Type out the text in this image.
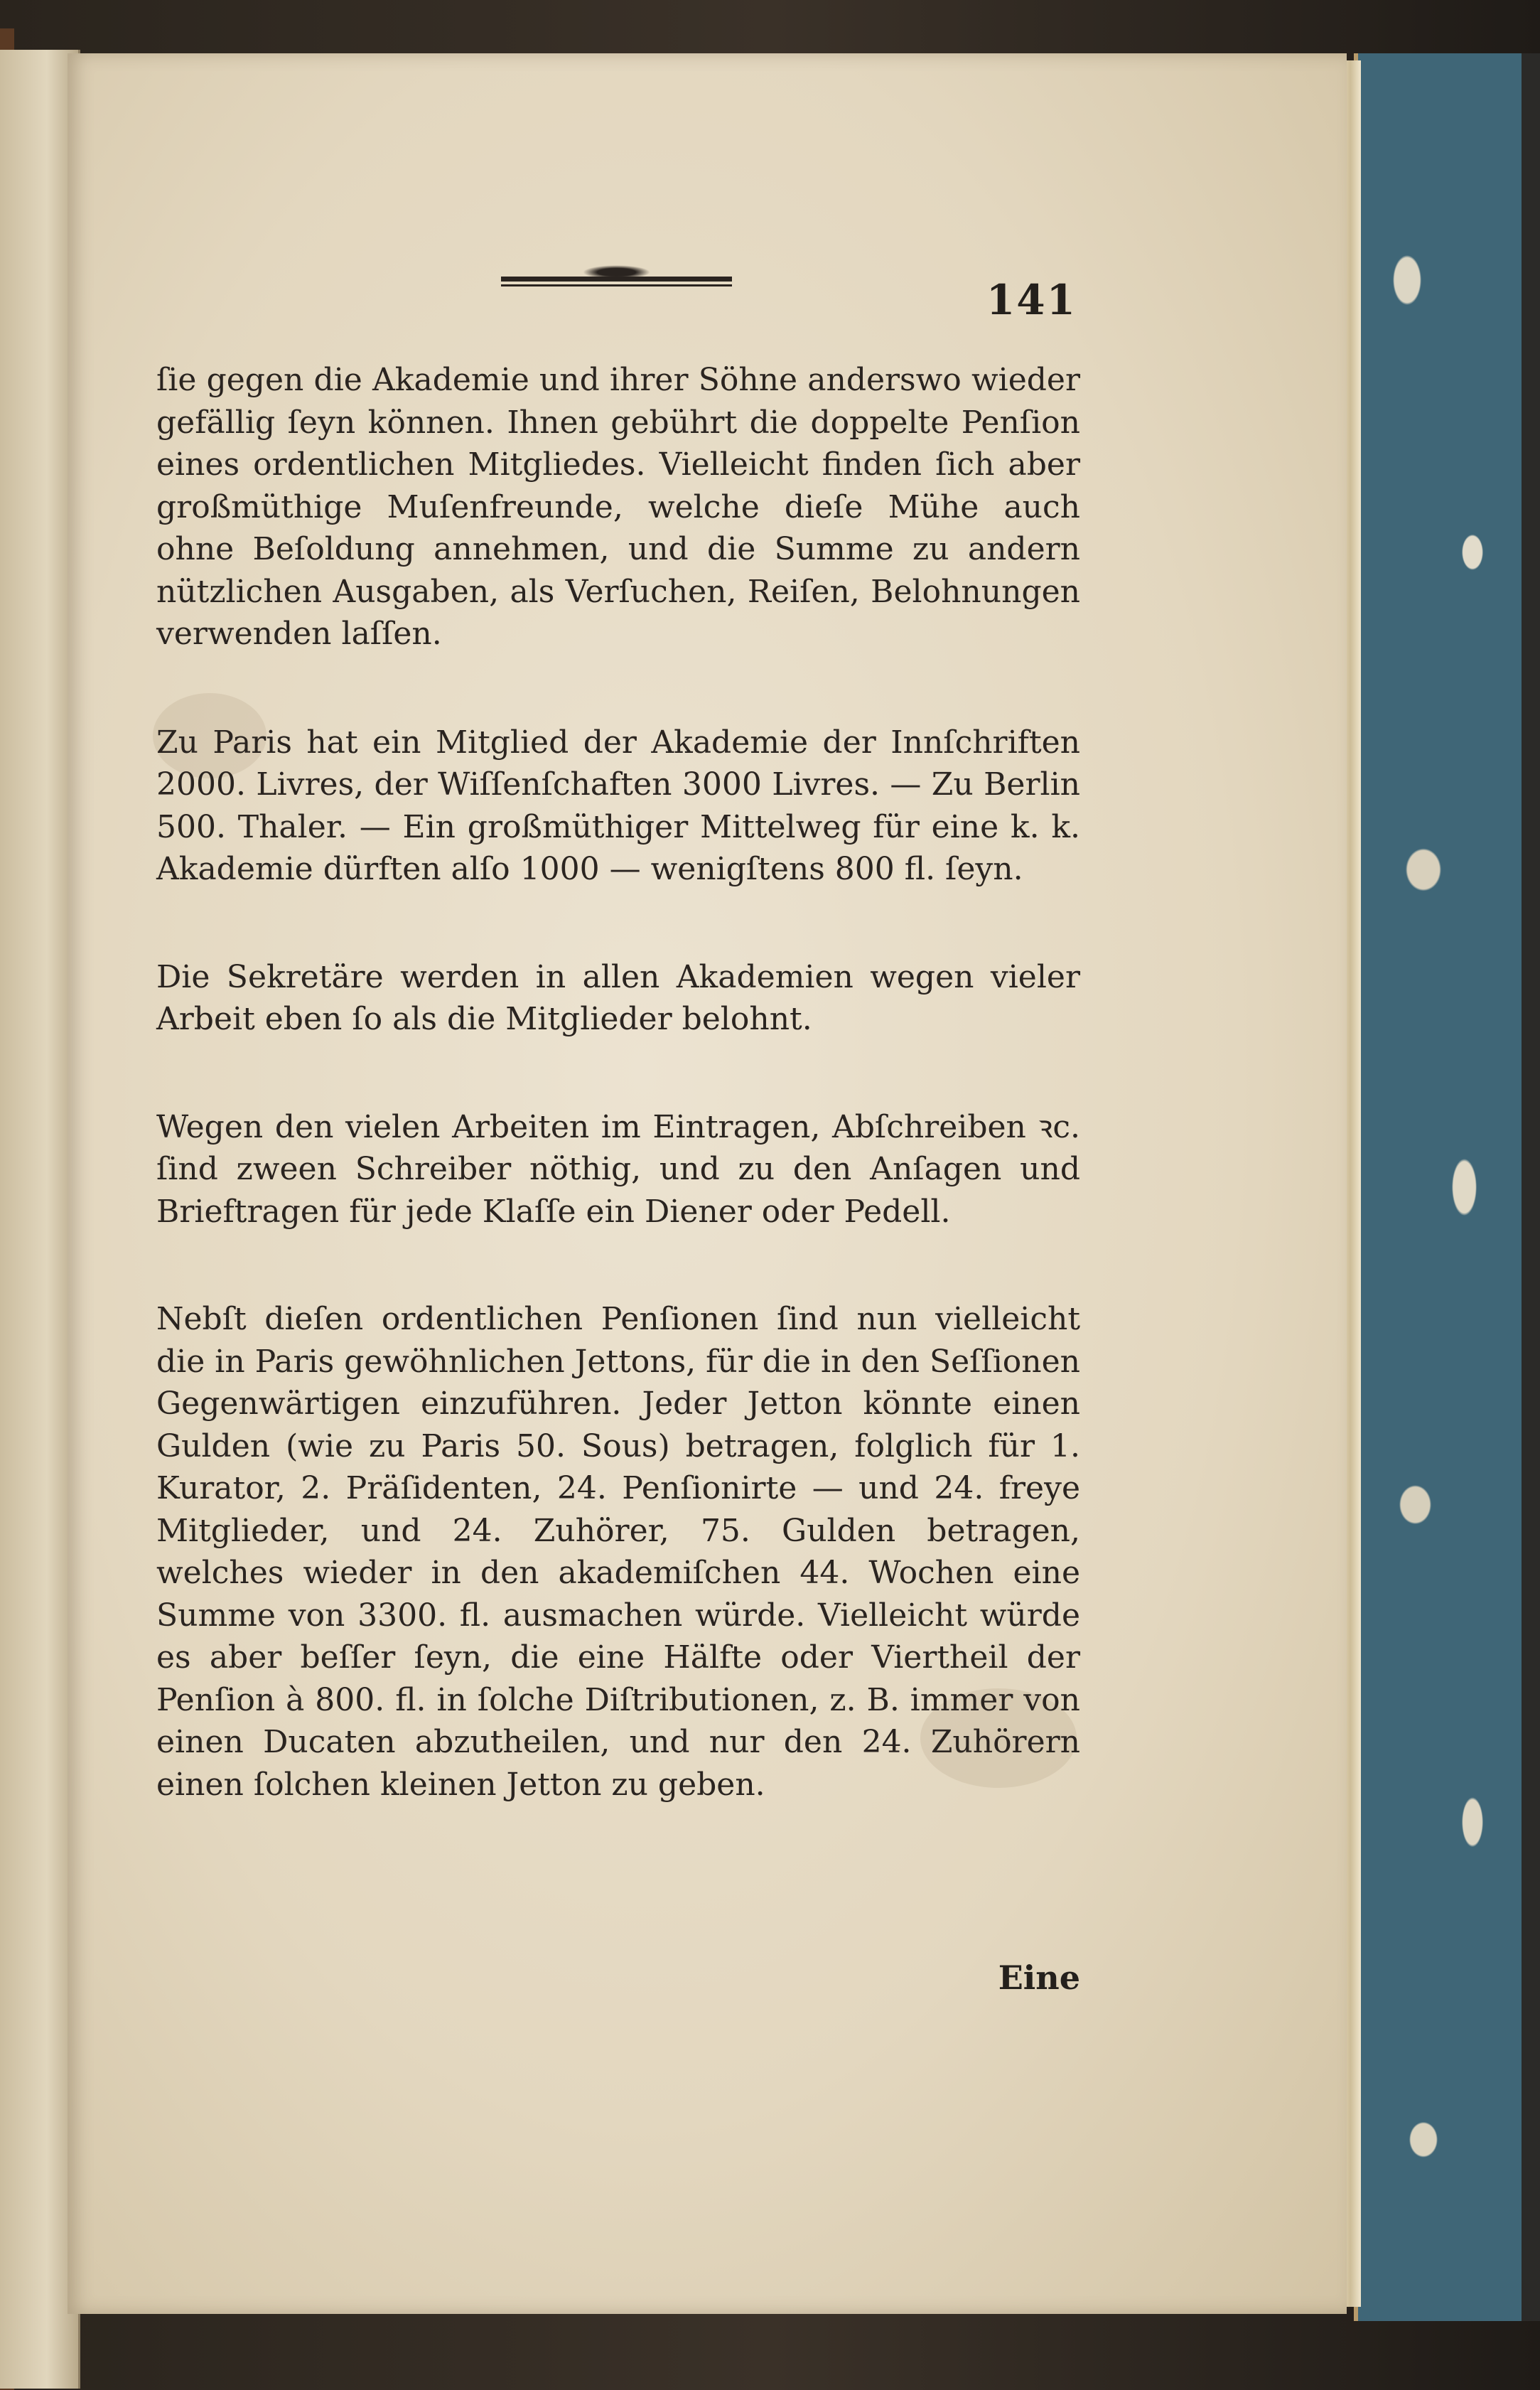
141

ſie gegen die Akademie und ihrer Söhne anderswo wieder gefällig ſeyn können. Ihnen gebührt die doppelte Penſion eines ordentlichen Mitgliedes. Vielleicht finden ſich aber großmüthige Muſenfreunde, welche dieſe Mühe auch ohne Beſoldung annehmen, und die Summe zu andern nützlichen Ausgaben, als Verſuchen, Reiſen, Belohnungen verwenden laſſen.

Zu Paris hat ein Mitglied der Akademie der Innſchriften 2000. Livres, der Wiſſenſchaften 3000 Livres. — Zu Berlin 500. Thaler. — Ein großmüthiger Mittelweg für eine k. k. Akademie dürften alſo 1000 — wenigſtens 800 fl. ſeyn.

Die Sekretäre werden in allen Akademien wegen vieler Arbeit eben ſo als die Mitglieder belohnt.

Wegen den vielen Arbeiten im Eintragen, Abſchreiben ꝛc. ſind zween Schreiber nöthig, und zu den Anſagen und Brieftragen für jede Klaſſe ein Diener oder Pedell.

Nebſt dieſen ordentlichen Penſionen ſind nun vielleicht die in Paris gewöhnlichen Jettons, für die in den Seſſionen Gegenwärtigen einzuführen. Jeder Jetton könnte einen Gulden (wie zu Paris 50. Sous) betragen, folglich für 1. Kurator, 2. Präſidenten, 24. Penſionirte — und 24. freye Mitglieder, und 24. Zuhörer, 75. Gulden betragen, welches wieder in den akademiſchen 44. Wochen eine Summe von 3300. fl. ausmachen würde. Vielleicht würde es aber beſſer ſeyn, die eine Hälfte oder Viertheil der Penſion à 800. fl. in ſolche Diſtributionen, z. B. immer von einen Ducaten abzutheilen, und nur den 24. Zuhörern einen ſolchen kleinen Jetton zu geben.

Eine
